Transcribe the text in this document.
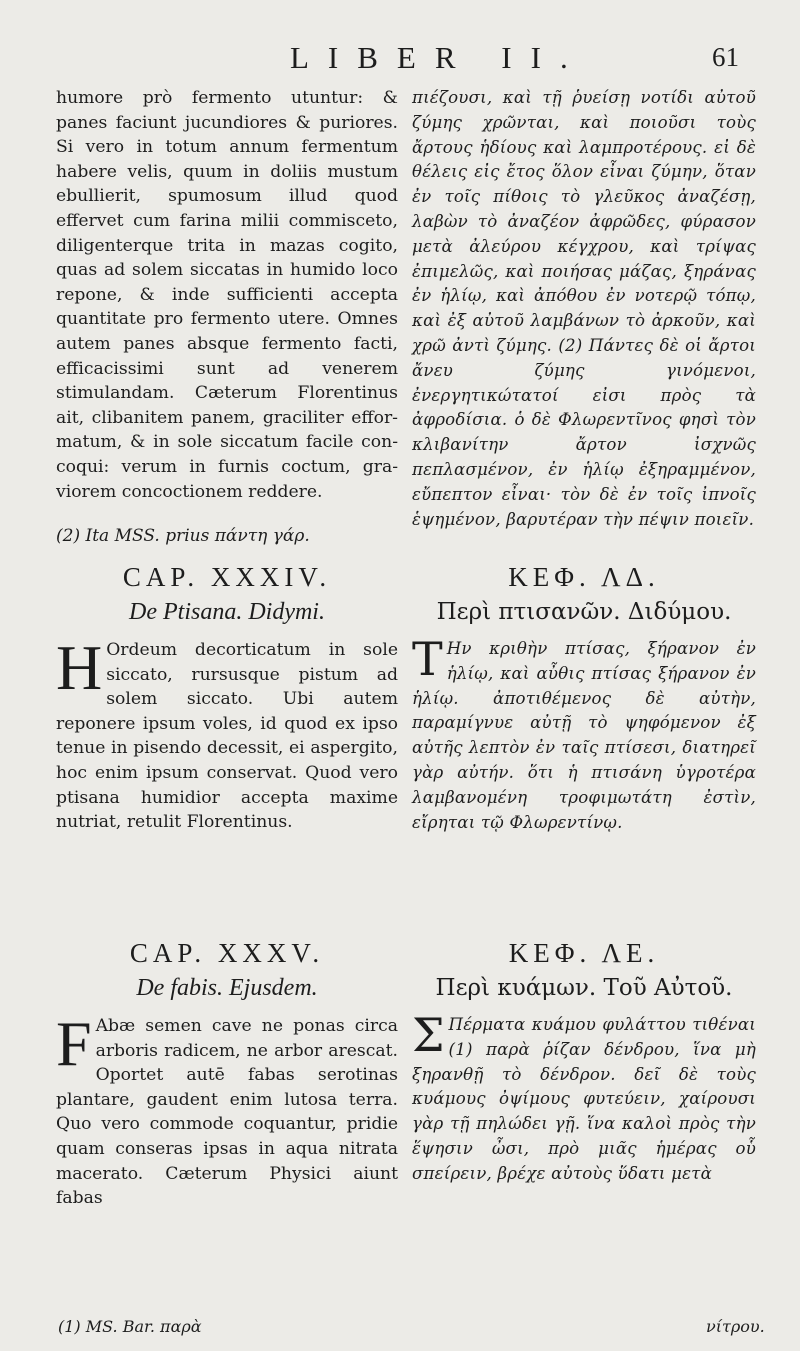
LIBER II.	61

humore prò fermento utuntur: & panes faciunt jucundiores & puriores. Si vero in totum annum fermentum habere velis, quum in doliis mustum ebullierit, spumosum illud quod effervet cum farina milii commisceto, diligenterque trita in mazas cogito, quas ad solem siccatas in humido loco repone, & inde sufficienti accepta quantitate pro fermento utere. Omnes autem panes absque fermento facti, efficacissimi sunt ad venerem stimulandam. Cæterum Florentinus ait, clibanitem panem, graciliter effor- matum, & in sole siccatum facile con- coqui: verum in furnis coctum, gra- viorem concoctionem reddere.

(2) Ita MSS. prius πάντη γάρ.

πιέζουσι, καὶ τῇ ῥυείσῃ νοτίδι αὐτοῦ ζύμης χρῶνται, καὶ ποιοῦσι τοὺς ἄρτους ἡδίους καὶ λαμπροτέρους. εἰ δὲ θέλεις εἰς ἔτος ὅλον εἶναι ζύμην, ὅταν ἐν τοῖς πίθοις τὸ γλεῦκος ἀναζέσῃ, λαβὼν τὸ ἀναζέον ἀφρῶδες, φύρασον μετὰ ἀλεύρου κέγχρου, καὶ τρίψας ἐπιμελῶς, καὶ ποιήσας μάζας, ξηράνας ἐν ἡλίῳ, καὶ ἀπόθου ἐν νοτερῷ τόπῳ, καὶ ἐξ αὐτοῦ λαμβάνων τὸ ἀρκοῦν, καὶ χρῶ ἀντὶ ζύμης. (2) Πάντες δὲ οἱ ἄρτοι ἄνευ ζύμης γινόμενοι, ἐνεργητικώτατοί εἰσι πρὸς τὰ ἀφροδίσια. ὁ δὲ Φλωρεντῖνος φησὶ τὸν κλιβανίτην ἄρτον ἰσχνῶς πεπλασμένον, ἐν ἡλίῳ ἐξηραμμένον, εὔπεπτον εἶναι· τὸν δὲ ἐν τοῖς ἰπνοῖς ἑψημένον, βαρυτέραν τὴν πέψιν ποιεῖν.

CAP. XXXIV.

De Ptisana. Didymi.

H Ordeum decorticatum in sole siccato, rursusque pistum ad solem siccato. Ubi autem reponere ipsum voles, id quod ex ipso tenue in pisendo decessit, ei aspergito, hoc enim ipsum conservat. Quod vero ptisana humidior accepta maxime nutriat, retulit Florentinus.

ΚΕΦ. ΛΔ.

Περὶ πτισανῶν. Διδύμου.

Τ Ην κριθὴν πτίσας, ξήρανον ἐν ἡλίῳ, καὶ αὖθις πτίσας ξήρανον ἐν ἡλίῳ. ἀποτιθέμενος δὲ αὐτὴν, παραμίγνυε αὐτῇ τὸ ψηφόμενον ἐξ αὐτῆς λεπτὸν ἐν ταῖς πτίσεσι, διατηρεῖ γὰρ αὐτήν. ὅτι ἡ πτισάνη ὑγροτέρα λαμβανομένη τροφιμωτάτη ἐστὶν, εἴρηται τῷ Φλωρεντίνῳ.

CAP. XXXV.

De fabis. Ejusdem.

F Abæ semen cave ne ponas circa arboris radicem, ne arbor arescat. Oportet autē fabas serotinas plantare, gaudent enim lutosa terra. Quo vero commode coquantur, pridie quam conseras ipsas in aqua nitrata macerato. Cæterum Physici aiunt fabas

ΚΕΦ. ΛΕ.

Περὶ κυάμων. Τοῦ Αὐτοῦ.

Σ Πέρματα κυάμου φυλάττου τιθέναι (1) παρὰ ῥίζαν δένδρου, ἵνα μὴ ξηρανθῇ τὸ δένδρον. δεῖ δὲ τοὺς κυάμους ὀψίμους φυτεύειν, χαίρουσι γὰρ τῇ πηλώδει γῇ. ἵνα καλοὶ πρὸς τὴν ἕψησιν ὦσι, πρὸ μιᾶς ἡμέρας οὗ σπείρειν, βρέχε αὐτοὺς ὕδατι μετὰ

(1) MS. Bar. παρὰ	νίτρου.
